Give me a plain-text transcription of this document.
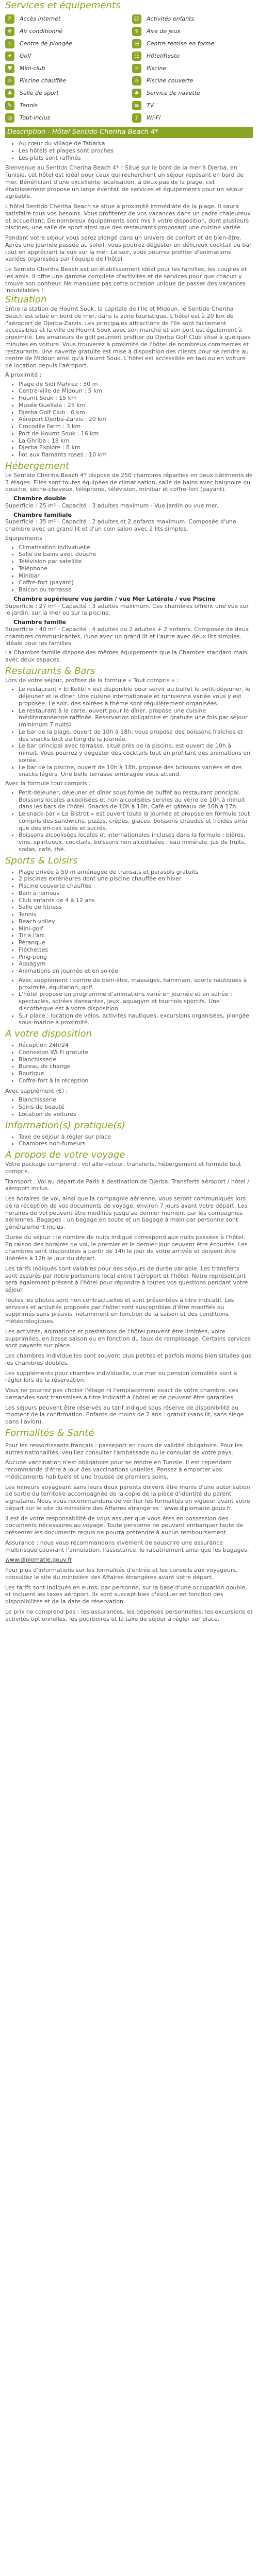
Services et équipements
P	Accès internet	☺ Activités enfants
❄	Air conditionné	♆	Aire de jeux
♨	Centre de plongée	⊟	Centre remise en forme
✦	Golf	☷	Hôtel/Resto
♥	Mini-club	☼	Piscine
☼	Piscine chauffée	☼	Piscine couverte
♣	Salle de sport	♠	Service de navette
✎	Tennis	≡	TV
◎	Tout-inclus	♪	Wi-Fi
Description - Hôtel Sentido Cheriha Beach 4*
• Au cœur du village de Tabarka
• Les hôtels et plages sont proches
• Les plats sont raffinés

Bienvenue au Sentido Cheriha Beach 4* ! Situé sur le bord de la mer à Djerba, en Tunisie, cet hôtel est idéal pour ceux qui recherchent un séjour reposant en bord de mer. Bénéficiant d'une excellente localisation, à deux pas de la plage, cet établissement propose un large éventail de services et équipements pour un séjour agréable.

L'hôtel Sentido Cheriha Beach se situe à proximité immédiate de la plage. Il saura satisfaire tous vos besoins. Vous profiterez de vos vacances dans un cadre chaleureux et accueillant. De nombreux équipements sont mis à votre disposition, dont plusieurs piscines, une salle de sport ainsi que des restaurants proposant une cuisine variée.

Pendant votre séjour vous serez plongé dans un univers de confort et de bien-être. Après une journée passée au soleil, vous pourrez déguster un délicieux cocktail au bar tout en appréciant la vue sur la mer. Le soir, vous pourrez profiter d'animations variées organisées par l'équipe de l'hôtel.

Le Sentido Cheriha Beach est un établissement idéal pour les familles, les couples et les amis. Il offre une gamme complète d'activités et de services pour que chacun y trouve son bonheur. Ne manquez pas cette occasion unique de passer des vacances inoubliables !

Situation

Entre la station de Houmt Souk, la capitale de l'île et Midoun, le Sentido Cheriha Beach est situé en bord de mer, dans la zone touristique. L'hôtel est à 20 km de l'aéroport de Djerba-Zarzis. Les principales attractions de l'île sont facilement accessibles et la ville de Houmt Souk avec son marché et son port est également à proximité. Les amateurs de golf pourront profiter du Djerba Golf Club situé à quelques minutes en voiture. Vous trouverez à proximité de l'hôtel de nombreux commerces et restaurants. Une navette gratuite est mise à disposition des clients pour se rendre au centre de Midoun ainsi qu'à Houmt Souk. L'hôtel est accessible en taxi ou en voiture de location depuis l'aéroport.

À proximité :

• Plage de Sidi Mahrez : 50 m
• Centre-ville de Midoun : 5 km
• Houmt Souk : 15 km
• Musée Guellala : 25 km
• Djerba Golf Club : 6 km
• Aéroport Djerba-Zarzis : 20 km
• Crocodile Farm : 3 km
• Port de Houmt Souk : 16 km
• La Ghriba : 18 km
• Djerba Explore : 8 km
• Îlot aux flamants roses : 10 km
Hébergement

Le Sentido Cheriha Beach 4* dispose de 250 chambres réparties en deux bâtiments de 3 étages. Elles sont toutes équipées de climatisation, salle de bains avec baignoire ou douche, sèche-cheveux, téléphone, télévision, minibar et coffre-fort (payant).

Chambre double

Superficie : 25 m² - Capacité : 3 adultes maximum - Vue jardin ou vue mer.

Chambre familiale

Superficie : 35 m² - Capacité : 2 adultes et 2 enfants maximum. Composée d'une chambre avec un grand lit et d'un coin salon avec 2 lits simples.

Équipements :

• Climatisation individuelle
• Salle de bains avec douche
• Télévision par satellite
• Téléphone
• Minibar
• Coffre-fort (payant)
• Balcon ou terrasse
Chambre supérieure vue jardin / vue Mer Latérale / vue Piscine

Superficie : 27 m² - Capacité : 3 adultes maximum. Ces chambres offrent une vue sur le jardin, sur la mer ou sur la piscine.

Chambre famille

Superficie : 40 m² - Capacité : 4 adultes ou 2 adultes + 2 enfants. Composée de deux chambres communicantes, l'une avec un grand lit et l'autre avec deux lits simples. Idéale pour les familles.

La Chambre famille dispose des mêmes équipements que la Chambre standard mais avec deux espaces.

Restaurants & Bars

Lors de votre séjour, profitez de la formule « Tout compris » :

• Le restaurant « El Kelibi » est disponible pour servir au buffet le petit-déjeuner, le déjeuner et le dîner. Une cuisine internationale et tunisienne variée vous y est proposée. Le soir, des soirées à thème sont régulièrement organisées.
• Le restaurant à la carte, ouvert pour le dîner, propose une cuisine méditerranéenne raffinée. Réservation obligatoire et gratuite une fois par séjour (minimum 7 nuits).
• Le bar de la plage, ouvert de 10h à 18h, vous propose des boissons fraîches et des snacks tout au long de la journée.
• Le bar principal avec terrasse, situé près de la piscine, est ouvert de 10h à minuit. Vous pourrez y déguster des cocktails tout en profitant des animations en soirée.
• Le bar de la piscine, ouvert de 10h à 18h, propose des boissons variées et des snacks légers. Une belle terrasse ombragée vous attend.

Avec la formule tout compris :

• Petit-déjeuner, déjeuner et dîner sous forme de buffet au restaurant principal. Boissons locales alcoolisées et non alcoolisées servies au verre de 10h à minuit dans les bars de l'hôtel. Snacks de 10h à 18h. Café et gâteaux de 16h à 17h.
• Le snack-bar « Le Bistrot » est ouvert toute la journée et propose en formule tout compris des sandwichs, pizzas, crêpes, glaces, boissons chaudes et froides ainsi que des en-cas salés et sucrés.
• Boissons alcoolisées locales et internationales incluses dans la formule : bières, vins, spiritueux, cocktails, boissons non alcoolisées : eau minérale, jus de fruits, sodas, café, thé.
Sports & Loisirs
• Plage privée à 50 m aménagée de transats et parasols gratuits
• 2 piscines extérieures dont une piscine chauffée en hiver
• Piscine couverte chauffée
• Bain à remous
• Club enfants de 4 à 12 ans
• Salle de fitness
• Tennis
• Beach-volley
• Mini-golf
• Tir à l'arc
• Pétanque
• Fléchettes
• Ping-pong
• Aquagym
• Animations en journée et en soirée
• Avec supplément : centre de bien-être, massages, hammam, sports nautiques à proximité, équitation, golf.
• L'hôtel propose un programme d'animations varié en journée et en soirée : spectacles, soirées dansantes, jeux, aquagym et tournois sportifs. Une discothèque est à votre disposition.
• Sur place : location de vélos, activités nautiques, excursions organisées, plongée sous-marine à proximité.
À votre disposition
• Réception 24h/24
• Connexion Wi-Fi gratuite
• Blanchisserie
• Bureau de change
• Boutique
• Coffre-fort à la réception

Avec supplément (€) :

• Blanchisserie
• Soins de beauté
• Location de voitures
Information(s) pratique(s)
• Taxe de séjour à régler sur place
• Chambres non-fumeurs
À propos de votre voyage

Votre package comprend : vol aller-retour, transferts, hébergement et formule tout compris.

Transport : Vol au départ de Paris à destination de Djerba. Transferts aéroport / hôtel / aéroport inclus.

Les horaires de vol, ainsi que la compagnie aérienne, vous seront communiqués lors de la réception de vos documents de voyage, environ 7 jours avant votre départ. Les horaires de vol peuvent être modifiés jusqu'au dernier moment par les compagnies aériennes. Bagages : un bagage en soute et un bagage à main par personne sont généralement inclus.

Durée du séjour : le nombre de nuits indiqué correspond aux nuits passées à l'hôtel. En raison des horaires de vol, le premier et le dernier jour peuvent être écourtés. Les chambres sont disponibles à partir de 14h le jour de votre arrivée et doivent être libérées à 12h le jour du départ.

Les tarifs indiqués sont valables pour des séjours de durée variable. Les transferts sont assurés par notre partenaire local entre l'aéroport et l'hôtel. Notre représentant sera également présent à l'hôtel pour répondre à toutes vos questions pendant votre séjour.

Toutes les photos sont non contractuelles et sont présentées à titre indicatif. Les services et activités proposés par l'hôtel sont susceptibles d'être modifiés ou supprimés sans préavis, notamment en fonction de la saison et des conditions météorologiques.

Les activités, animations et prestations de l'hôtel peuvent être limitées, voire supprimées, en basse saison ou en fonction du taux de remplissage. Certains services sont payants sur place.

Les chambres individuelles sont souvent plus petites et parfois moins bien situées que les chambres doubles.

Les suppléments pour chambre individuelle, vue mer ou pension complète sont à régler lors de la réservation.

Vous ne pourrez pas choisir l'étage ni l'emplacement exact de votre chambre, ces demandes sont transmises à titre indicatif à l'hôtel et ne peuvent être garanties.

Les séjours peuvent être réservés au tarif indiqué sous réserve de disponibilité au moment de la confirmation. Enfants de moins de 2 ans : gratuit (sans lit, sans siège dans l'avion).

Formalités & Santé

Pour les ressortissants français : passeport en cours de validité obligatoire. Pour les autres nationalités, veuillez consulter l'ambassade ou le consulat de votre pays.

Aucune vaccination n'est obligatoire pour se rendre en Tunisie. Il est cependant recommandé d'être à jour des vaccinations usuelles. Pensez à emporter vos médicaments habituels et une trousse de premiers soins.

Les mineurs voyageant sans leurs deux parents doivent être munis d'une autorisation de sortie du territoire accompagnée de la copie de la pièce d'identité du parent signataire. Nous vous recommandons de vérifier les formalités en vigueur avant votre départ sur le site du ministère des Affaires étrangères : www.diplomatie.gouv.fr.

Il est de votre responsabilité de vous assurer que vous êtes en possession des documents nécessaires au voyage. Toute personne ne pouvant embarquer faute de présenter les documents requis ne pourra prétendre à aucun remboursement.

Assurance : nous vous recommandons vivement de souscrire une assurance multirisque couvrant l'annulation, l'assistance, le rapatriement ainsi que les bagages.

www.diplomatie.gouv.fr

Pour plus d'informations sur les formalités d'entrée et les conseils aux voyageurs, consultez le site du ministère des Affaires étrangères avant votre départ.

Les tarifs sont indiqués en euros, par personne, sur la base d'une occupation double, et incluent les taxes aéroport. Ils sont susceptibles d'évoluer en fonction des disponibilités et de la date de réservation.

Le prix ne comprend pas : les assurances, les dépenses personnelles, les excursions et activités optionnelles, les pourboires et la taxe de séjour à régler sur place.
